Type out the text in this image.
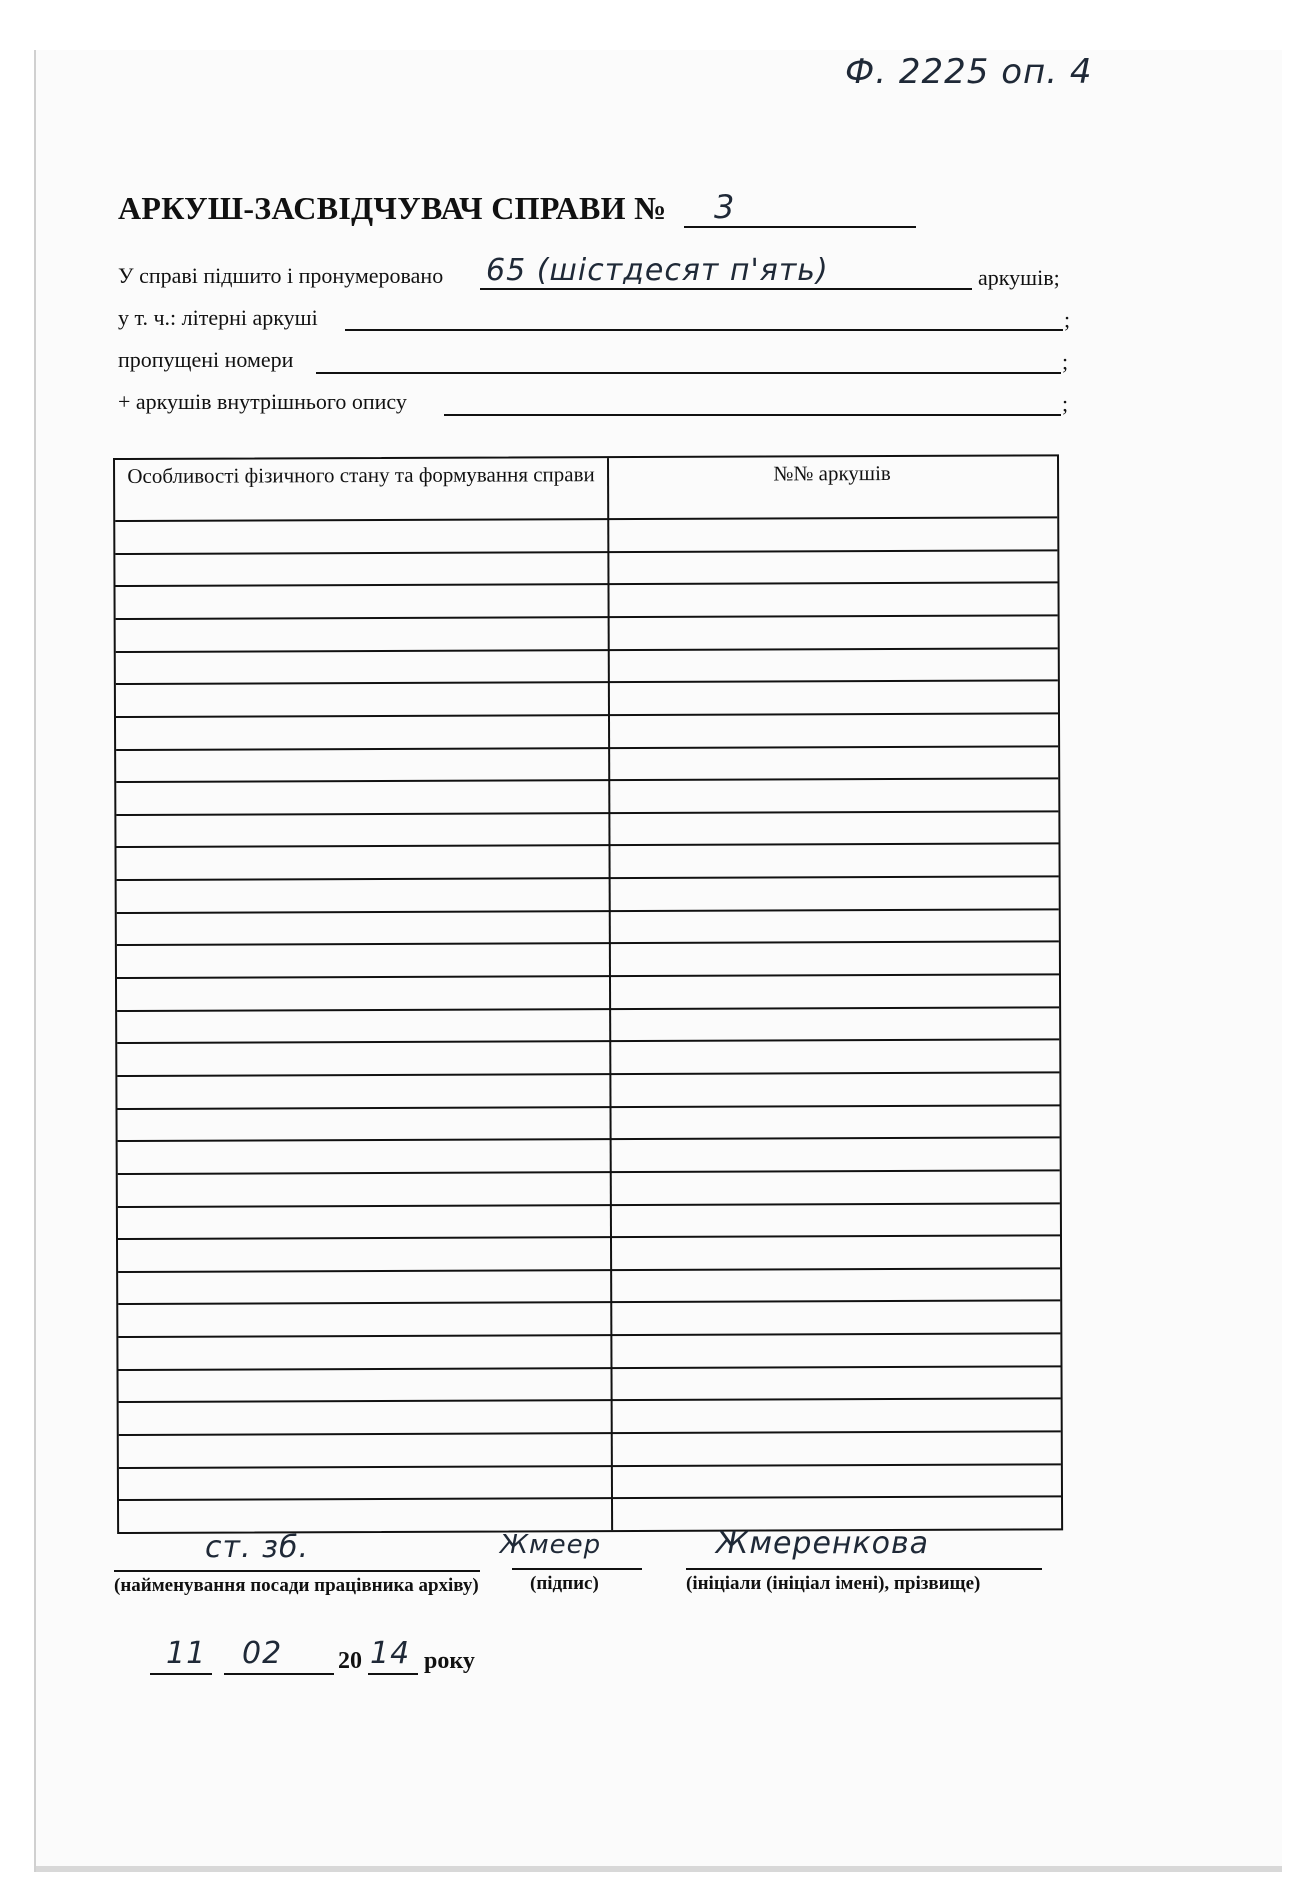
Ф. 2225 оп. 4
АРКУШ-ЗАСВІДЧУВАЧ СПРАВИ № 3
У справі підшито і пронумеровано 65 (шістдесят п'ять)	аркушів;
у т. ч.: літерні аркуші	;
пропущені номери	;
+ аркушів внутрішнього опису	;
Особливості фізичного стану та формування справи	№№ аркушів
ст. зб.
(найменування посади працівника архіву)
Жмеер
(підпис)
Жмеренкова
(ініціали (ініціал імені), прізвище)
11 02 20 14 року
